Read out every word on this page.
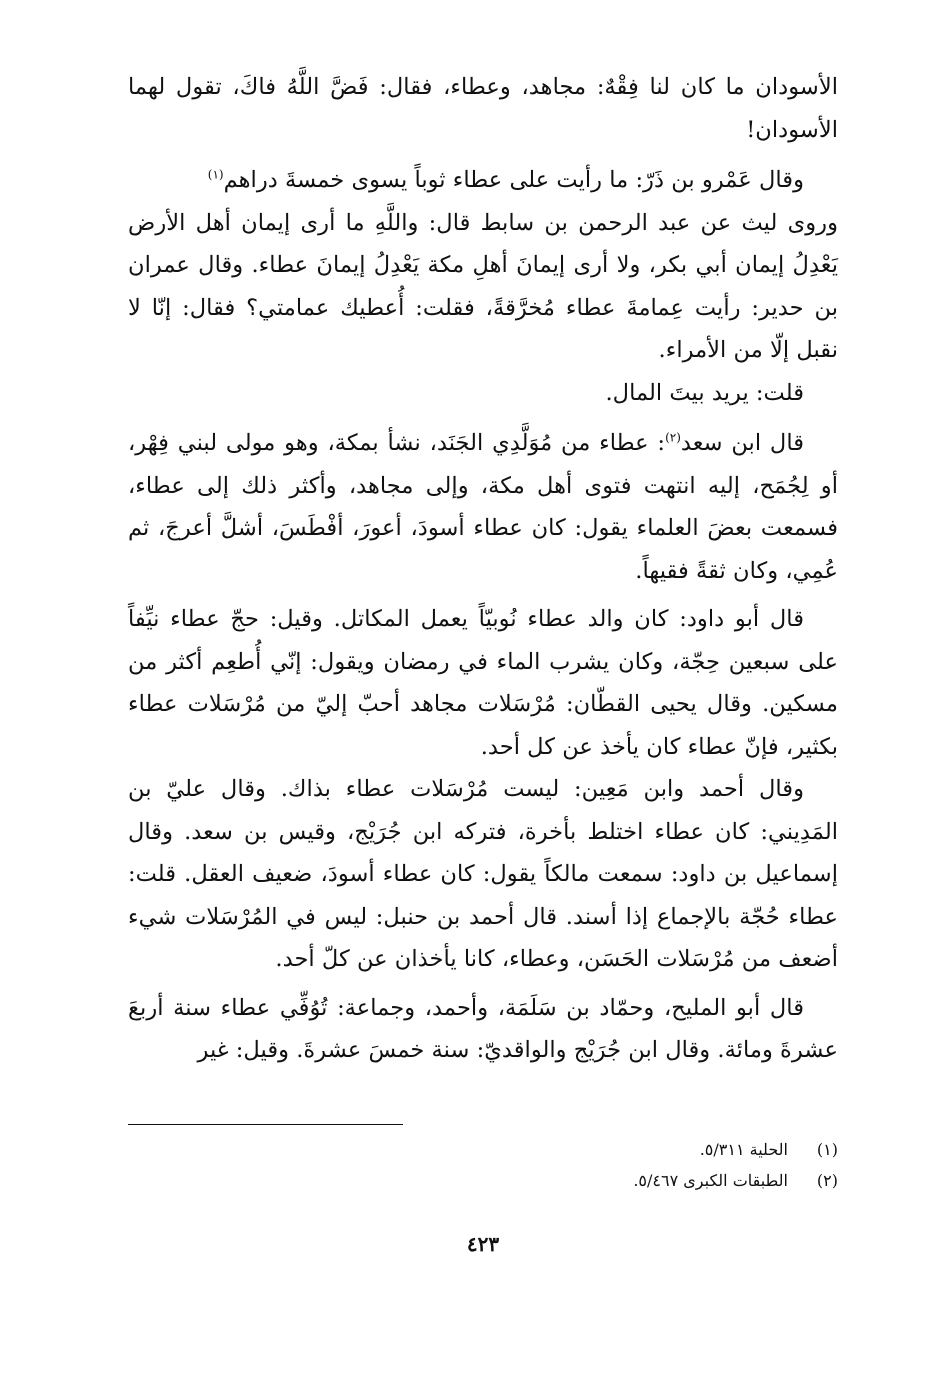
الأسودان ما كان لنا فِقْهٌ: مجاهد، وعطاء، فقال: فَضَّ اللَّهُ فاكَ، تقول لهما الأسودان!

وقال عَمْرو بن ذَرّ: ما رأيت على عطاء ثوباً يسوى خمسةَ دراهم$^{(١)}$

وروى ليث عن عبد الرحمن بن سابط قال: واللَّهِ ما أرى إيمان أهل الأرض يَعْدِلُ إيمان أبي بكر، ولا أرى إيمانَ أهلِ مكة يَعْدِلُ إيمانَ عطاء. وقال عمران بن حدير: رأيت عِمامةَ عطاء مُخرَّقةً، فقلت: أُعطيك عمامتي؟ فقال: إنّا لا نقبل إلّا من الأمراء.

قلت: يريد بيتَ المال.

قال ابن سعد$^{(٢)}$: عطاء من مُوَلَّدِي الجَنَد، نشأ بمكة، وهو مولى لبني فِهْر، أو لِجُمَح، إليه انتهت فتوى أهل مكة، وإلى مجاهد، وأكثر ذلك إلى عطاء، فسمعت بعضَ العلماء يقول: كان عطاء أسودَ، أعورَ، أفْطَسَ، أشلَّ أعرجَ، ثم عُمِي، وكان ثقةً فقيهاً.

قال أبو داود: كان والد عطاء نُوبيّاً يعمل المكاتل. وقيل: حجّ عطاء نيِّفاً على سبعين حِجّة، وكان يشرب الماء في رمضان ويقول: إنّي أُطعِم أكثر من مسكين. وقال يحيى القطّان: مُرْسَلات مجاهد أحبّ إليّ من مُرْسَلات عطاء بكثير، فإنّ عطاء كان يأخذ عن كل أحد.

وقال أحمد وابن مَعِين: ليست مُرْسَلات عطاء بذاك. وقال عليّ بن المَدِيني: كان عطاء اختلط بأخرة، فتركه ابن جُرَيْج، وقيس بن سعد. وقال إسماعيل بن داود: سمعت مالكاً يقول: كان عطاء أسودَ، ضعيف العقل. قلت: عطاء حُجّة بالإجماع إذا أسند. قال أحمد بن حنبل: ليس في المُرْسَلات شيء أضعف من مُرْسَلات الحَسَن، وعطاء، كانا يأخذان عن كلّ أحد.

قال أبو المليح، وحمّاد بن سَلَمَة، وأحمد، وجماعة: تُوُفِّي عطاء سنة أربعَ عشرةَ ومائة. وقال ابن جُرَيْج والواقديّ: سنة خمسَ عشرةَ. وقيل: غير

(١)
الحلية ٥/٣١١.
(٢)
الطبقات الكبرى ٥/٤٦٧.
٤٢٣
